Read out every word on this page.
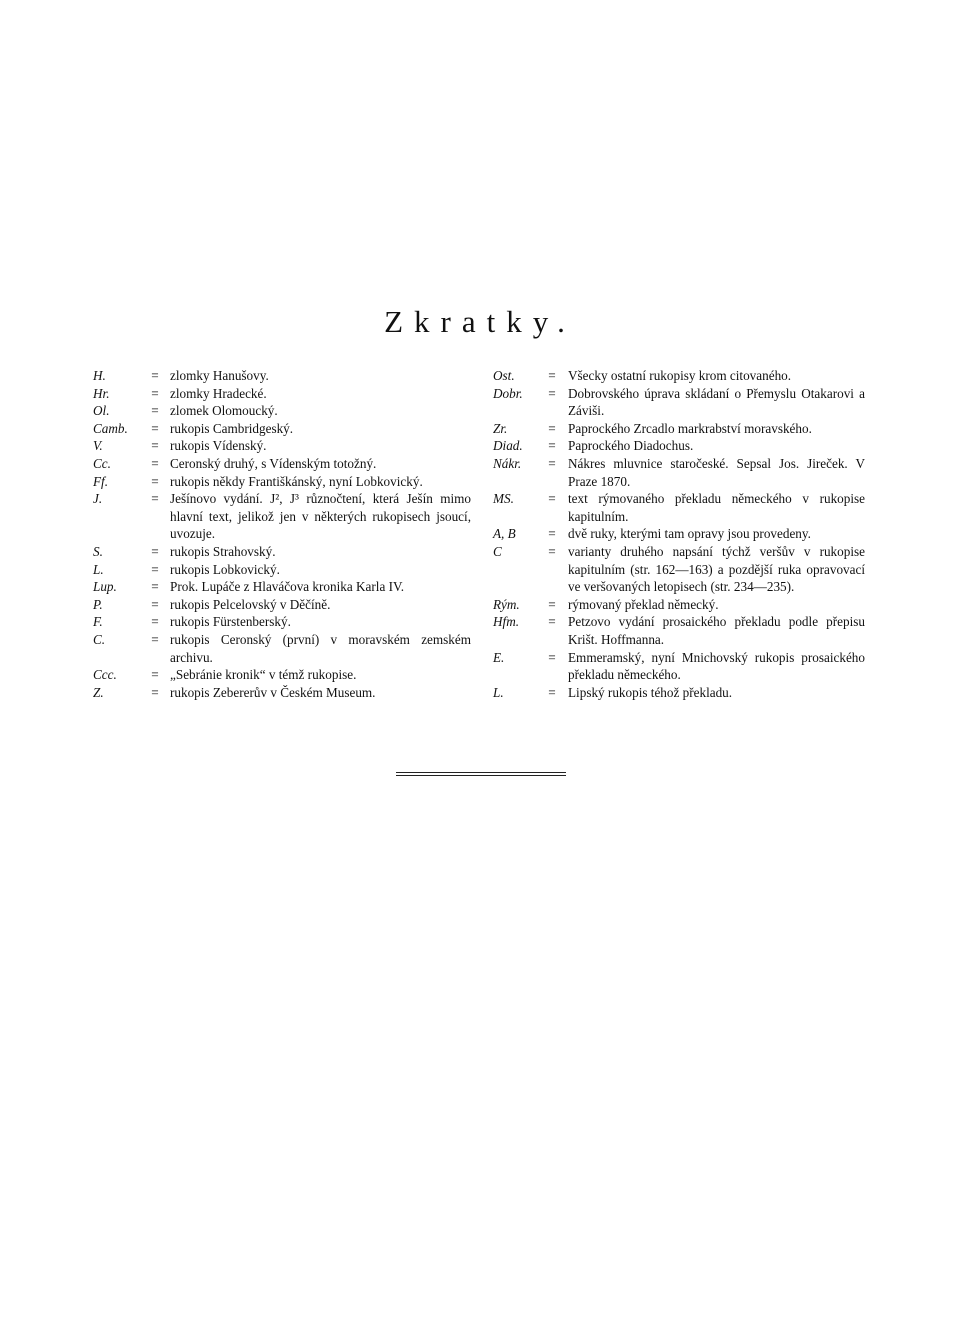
Zkratky.
H.	= zlomky Hanušovy.
Hr.	= zlomky Hradecké.
Ol.	= zlomek Olomoucký.
Camb.	= rukopis Cambridgeský.
V.	= rukopis Vídenský.
Cc.	= Ceronský druhý, s Vídenským totožný.
Ff.	= rukopis někdy Františkánský, nyní Lobkovický.
J.	= Ješínovo vydání. J², J³ různočtení, která Ješín mimo hlavní text, jelikož jen v některých rukopisech jsoucí, uvozuje.
S.	= rukopis Strahovský.
L.	= rukopis Lobkovický.
Lup.	= Prok. Lupáče z Hlaváčova kronika Karla IV.
P.	= rukopis Pelcelovský v Děčíně.
F.	= rukopis Fürstenberský.
C.	= rukopis Ceronský (první) v moravském zemském archivu.
Ccc.	= „Sebránie kronik“ v témž rukopise.
Z.	= rukopis Zebererův v Českém Museum.
Ost.	= Všecky ostatní rukopisy krom citovaného.
Dobr.	= Dobrovského úprava skládaní o Přemyslu Otakarovi a Záviši.
Zr.	= Paprockého Zrcadlo markrabství moravského.
Diad.	= Paprockého Diadochus.
Nákr.	= Nákres mluvnice staročeské. Sepsal Jos. Jireček. V Praze 1870.
MS.	= text rýmovaného překladu německého v rukopise kapitulním.
A, B	= dvě ruky, kterými tam opravy jsou provedeny.
C	= varianty druhého napsání týchž veršův v rukopise kapitulním (str. 162—163) a pozdější ruka opravovací ve veršovaných letopisech (str. 234—235).
Rým.	= rýmovaný překlad německý.
Hfm.	= Petzovo vydání prosaického překladu podle přepisu Krišt. Hoffmanna.
E.	= Emmeramský, nyní Mnichovský rukopis prosaického překladu německého.
L.	= Lipský rukopis téhož překladu.
